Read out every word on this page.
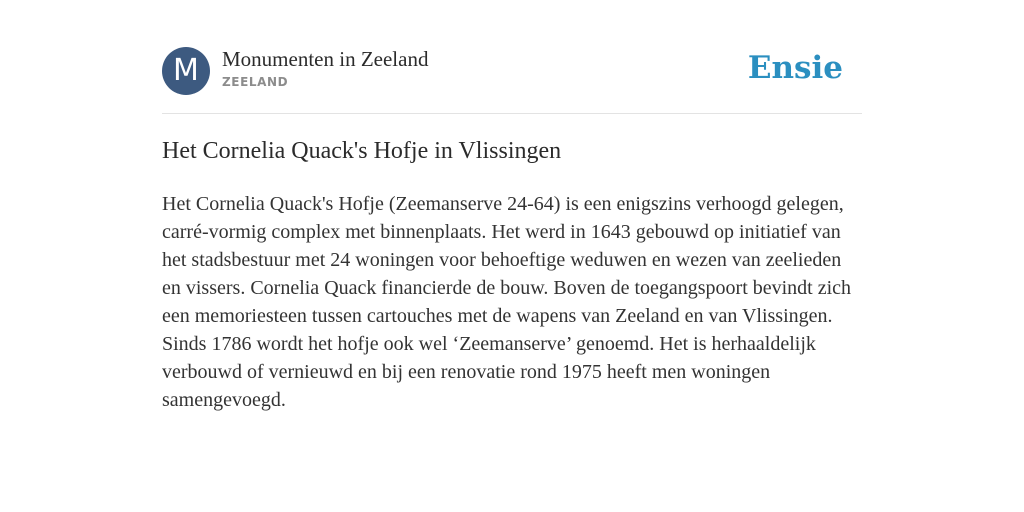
M Monumenten in Zeeland
ZEELAND	Ensie
Het Cornelia Quack's Hofje in Vlissingen

Het Cornelia Quack's Hofje (Zeemanserve 24-64) is een enigszins verhoogd gelegen, carré-vormig complex met binnenplaats. Het werd in 1643 gebouwd op initiatief van het stadsbestuur met 24 woningen voor behoeftige weduwen en wezen van zeelieden en vissers. Cornelia Quack financierde de bouw. Boven de toegangspoort bevindt zich een memoriesteen tussen cartouches met de wapens van Zeeland en van Vlissingen. Sinds 1786 wordt het hofje ook wel ‘Zeemanserve’ genoemd. Het is herhaaldelijk verbouwd of vernieuwd en bij een renovatie rond 1975 heeft men woningen samengevoegd.
